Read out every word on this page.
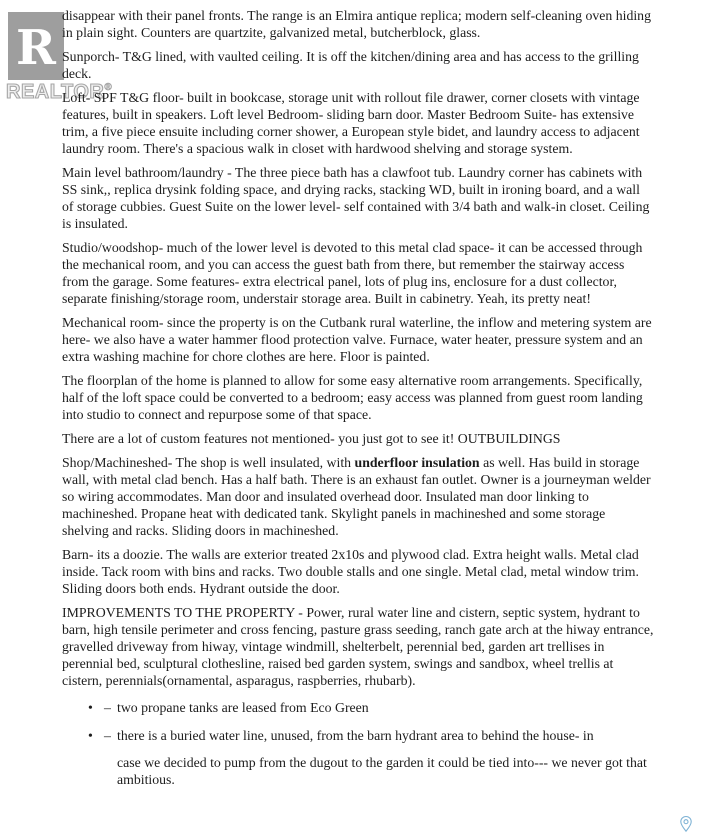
R
REALTOR®

disappear with their panel fronts. The range is an Elmira antique replica; modern self-cleaning oven hiding in plain sight. Counters are quartzite, galvanized metal, butcherblock, glass.

Sunporch- T&G lined, with vaulted ceiling. It is off the kitchen/dining area and has access to the grilling deck.

Loft- SPF T&G floor- built in bookcase, storage unit with rollout file drawer, corner closets with vintage features, built in speakers. Loft level Bedroom- sliding barn door. Master Bedroom Suite- has extensive trim, a five piece ensuite including corner shower, a European style bidet, and laundry access to adjacent laundry room. There's a spacious walk in closet with hardwood shelving and storage system.

Main level bathroom/laundry - The three piece bath has a clawfoot tub. Laundry corner has cabinets with SS sink,, replica drysink folding space, and drying racks, stacking WD, built in ironing board, and a wall of storage cubbies. Guest Suite on the lower level- self contained with 3/4 bath and walk-in closet. Ceiling is insulated.

Studio/woodshop- much of the lower level is devoted to this metal clad space- it can be accessed through the mechanical room, and you can access the guest bath from there, but remember the stairway access from the garage. Some features- extra electrical panel, lots of plug ins, enclosure for a dust collector, separate finishing/storage room, understair storage area. Built in cabinetry. Yeah, its pretty neat!

Mechanical room- since the property is on the Cutbank rural waterline, the inflow and metering system are here- we also have a water hammer flood protection valve. Furnace, water heater, pressure system and an extra washing machine for chore clothes are here. Floor is painted.

The floorplan of the home is planned to allow for some easy alternative room arrangements. Specifically, half of the loft space could be converted to a bedroom; easy access was planned from guest room landing into studio to connect and repurpose some of that space.

There are a lot of custom features not mentioned- you just got to see it! OUTBUILDINGS

Shop/Machineshed- The shop is well insulated, with underfloor insulation as well. Has build in storage wall, with metal clad bench. Has a half bath. There is an exhaust fan outlet. Owner is a journeyman welder so wiring accommodates. Man door and insulated overhead door. Insulated man door linking to machineshed. Propane heat with dedicated tank. Skylight panels in machineshed and some storage shelving and racks. Sliding doors in machineshed.

Barn- its a doozie. The walls are exterior treated 2x10s and plywood clad. Extra height walls. Metal clad inside. Tack room with bins and racks. Two double stalls and one single. Metal clad, metal window trim. Sliding doors both ends. Hydrant outside the door.

IMPROVEMENTS TO THE PROPERTY - Power, rural water line and cistern, septic system, hydrant to barn, high tensile perimeter and cross fencing, pasture grass seeding, ranch gate arch at the hiway entrance, gravelled driveway from hiway, vintage windmill, shelterbelt, perennial bed, garden art trellises in perennial bed, sculptural clothesline, raised bed garden system, swings and sandbox, wheel trellis at cistern, perennials(ornamental, asparagus, raspberries, rhubarb).

• – two propane tanks are leased from Eco Green
• – there is a buried water line, unused, from the barn hydrant area to behind the house- in
case we decided to pump from the dugout to the garden it could be tied into--- we never got that ambitious.
